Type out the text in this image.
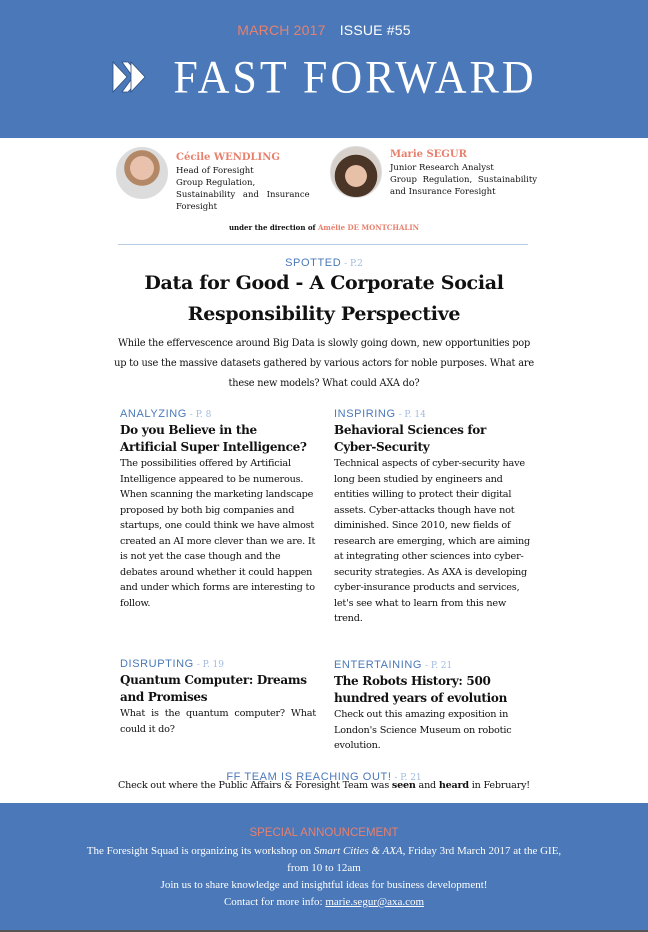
MARCH 2017 ISSUE #55
FAST FORWARD
Cécile WENDLING
Head of Foresight
Group Regulation,
Sustainability and Insurance
Foresight
Marie SEGUR
Junior Research Analyst
Group Regulation, Sustainability
and Insurance Foresight
under the direction of Amélie DE MONTCHALIN
SPOTTED - P.2
Data for Good - A Corporate Social Responsibility Perspective
While the effervescence around Big Data is slowly going down, new opportunities pop up to use the massive datasets gathered by various actors for noble purposes. What are these new models? What could AXA do?
ANALYZING - P. 8
Do you Believe in the Artificial Super Intelligence?
The possibilities offered by Artificial Intelligence appeared to be numerous. When scanning the marketing landscape proposed by both big companies and startups, one could think we have almost created an AI more clever than we are. It is not yet the case though and the debates around whether it could happen and under which forms are interesting to follow.
INSPIRING - P. 14
Behavioral Sciences for Cyber-Security
Technical aspects of cyber-security have long been studied by engineers and entities willing to protect their digital assets. Cyber-attacks though have not diminished. Since 2010, new fields of research are emerging, which are aiming at integrating other sciences into cyber-security strategies. As AXA is developing cyber-insurance products and services, let's see what to learn from this new trend.
DISRUPTING - P. 19
Quantum Computer: Dreams and Promises
What is the quantum computer? What could it do?
ENTERTAINING - P. 21
The Robots History: 500 hundred years of evolution
Check out this amazing exposition in London's Science Museum on robotic evolution.
FF TEAM IS REACHING OUT! - P. 21
Check out where the Public Affairs & Foresight Team was seen and heard in February!
SPECIAL ANNOUNCEMENT
The Foresight Squad is organizing its workshop on Smart Cities & AXA, Friday 3rd March 2017 at the GIE,
from 10 to 12am
Join us to share knowledge and insightful ideas for business development!
Contact for more info: marie.segur@axa.com
